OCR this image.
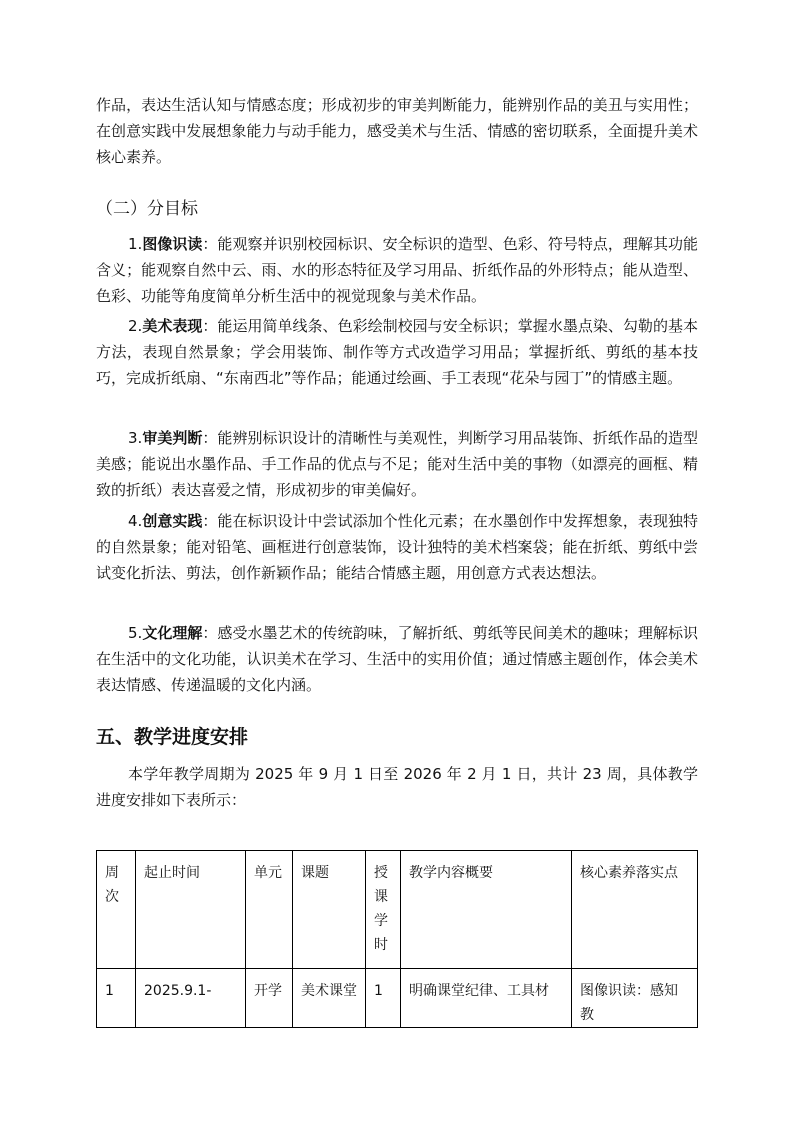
作品，表达生活认知与情感态度；形成初步的审美判断能力，能辨别作品的美丑与实用性；在创意实践中发展想象能力与动手能力，感受美术与生活、情感的密切联系，全面提升美术核心素养。

（二）分目标

1.图像识读：能观察并识别校园标识、安全标识的造型、色彩、符号特点，理解其功能含义；能观察自然中云、雨、水的形态特征及学习用品、折纸作品的外形特点；能从造型、色彩、功能等角度简单分析生活中的视觉现象与美术作品。

2.美术表现：能运用简单线条、色彩绘制校园与安全标识；掌握水墨点染、勾勒的基本方法，表现自然景象；学会用装饰、制作等方式改造学习用品；掌握折纸、剪纸的基本技巧，完成折纸扇、“东南西北”等作品；能通过绘画、手工表现“花朵与园丁”的情感主题。

3.审美判断：能辨别标识设计的清晰性与美观性，判断学习用品装饰、折纸作品的造型美感；能说出水墨作品、手工作品的优点与不足；能对生活中美的事物（如漂亮的画框、精致的折纸）表达喜爱之情，形成初步的审美偏好。

4.创意实践：能在标识设计中尝试添加个性化元素；在水墨创作中发挥想象，表现独特的自然景象；能对铅笔、画框进行创意装饰，设计独特的美术档案袋；能在折纸、剪纸中尝试变化折法、剪法，创作新颖作品；能结合情感主题，用创意方式表达想法。

5.文化理解：感受水墨艺术的传统韵味，了解折纸、剪纸等民间美术的趣味；理解标识在生活中的文化功能，认识美术在学习、生活中的实用价值；通过情感主题创作，体会美术表达情感、传递温暖的文化内涵。

五、教学进度安排

本学年教学周期为 2025 年 9 月 1 日至 2026 年 2 月 1 日，共计 23 周，具体教学进度安排如下表所示：

周次	起止时间	单元	课题	授课学时	教学内容概要	核心素养落实点
1	2025.9.1-	开学	美术课堂	1	明确课堂纪律、工具材	图像识读：感知教
